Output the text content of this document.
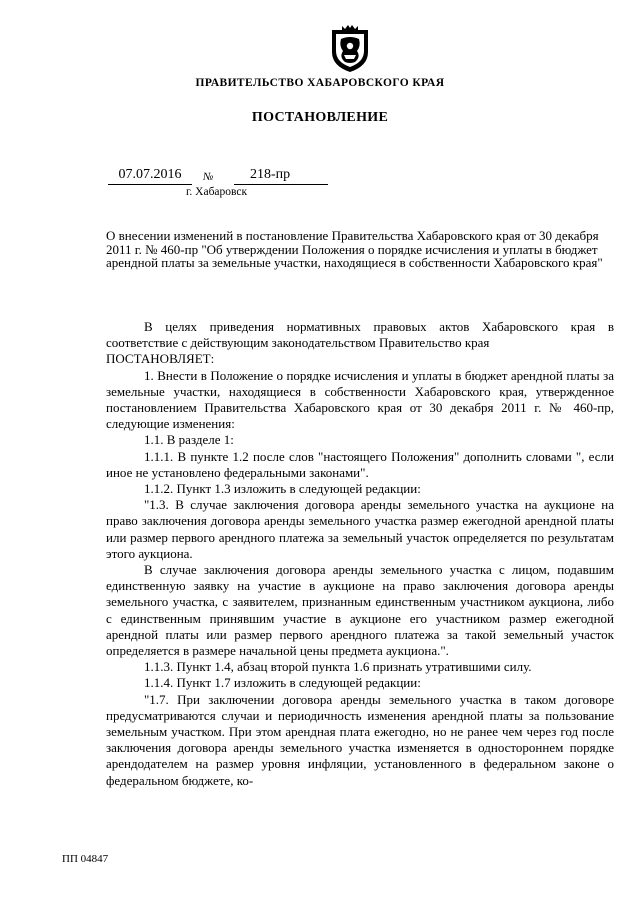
ПРАВИТЕЛЬСТВО ХАБАРОВСКОГО КРАЯ
ПОСТАНОВЛЕНИЕ
07.07.2016	№	218-пр
г. Хабаровск
О внесении изменений в постановление Правительства Хабаровского края от 30 декабря 2011 г. № 460-пр "Об утверждении Положения о порядке исчисления и уплаты в бюджет арендной платы за земельные участки, находящиеся в собственности Хабаровского края"

В целях приведения нормативных правовых актов Хабаровского края в соответствие с действующим законодательством Правительство края

ПОСТАНОВЛЯЕТ:

1. Внести в Положение о порядке исчисления и уплаты в бюджет арендной платы за земельные участки, находящиеся в собственности Хабаровского края, утвержденное постановлением Правительства Хабаровского края от 30 декабря 2011 г. № 460-пр, следующие изменения:

1.1. В разделе 1:

1.1.1. В пункте 1.2 после слов "настоящего Положения" дополнить словами ", если иное не установлено федеральными законами".

1.1.2. Пункт 1.3 изложить в следующей редакции:

"1.3. В случае заключения договора аренды земельного участка на аукционе на право заключения договора аренды земельного участка размер ежегодной арендной платы или размер первого арендного платежа за земельный участок определяется по результатам этого аукциона.

В случае заключения договора аренды земельного участка с лицом, подавшим единственную заявку на участие в аукционе на право заключения договора аренды земельного участка, с заявителем, признанным единственным участником аукциона, либо с единственным принявшим участие в аукционе его участником размер ежегодной арендной платы или размер первого арендного платежа за такой земельный участок определяется в размере начальной цены предмета аукциона.".

1.1.3. Пункт 1.4, абзац второй пункта 1.6 признать утратившими силу.

1.1.4. Пункт 1.7 изложить в следующей редакции:

"1.7. При заключении договора аренды земельного участка в таком договоре предусматриваются случаи и периодичность изменения арендной платы за пользование земельным участком. При этом арендная плата ежегодно, но не ранее чем через год после заключения договора аренды земельного участка изменяется в одностороннем порядке арендодателем на размер уровня инфляции, установленного в федеральном законе о федеральном бюджете, ко-

ПП 04847
